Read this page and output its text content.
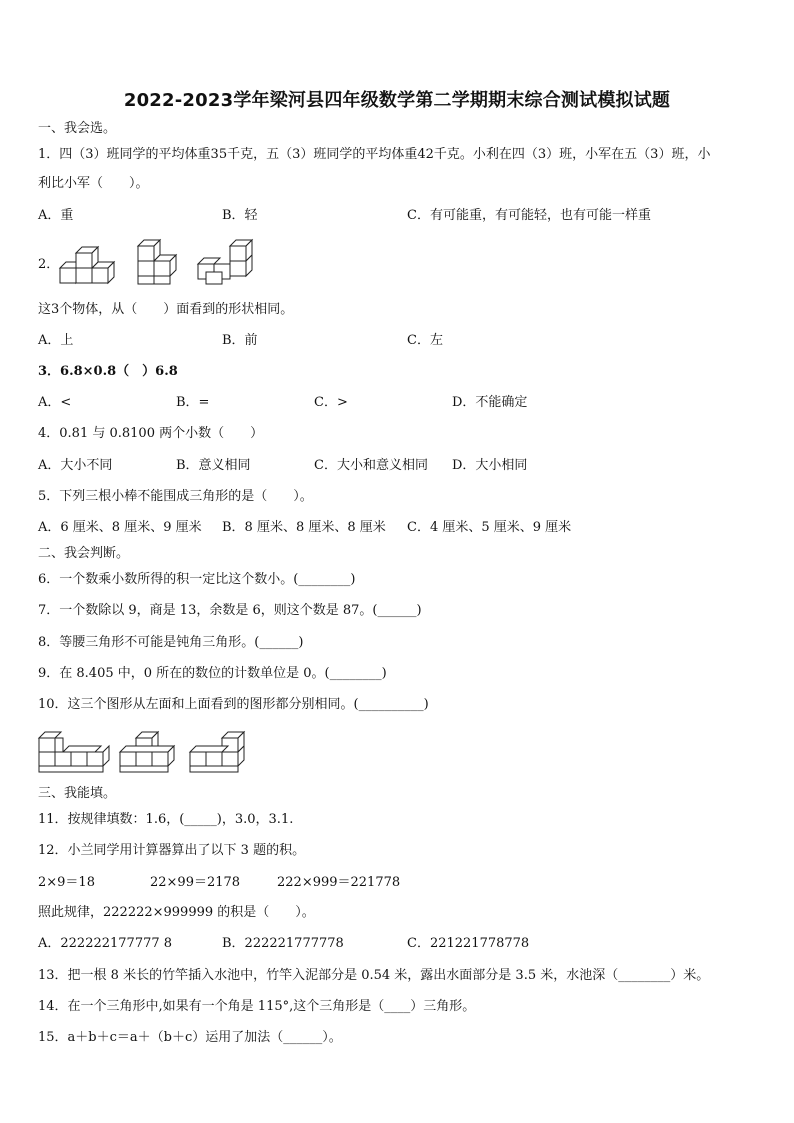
2022-2023学年梁河县四年级数学第二学期期末综合测试模拟试题
一、我会选。
1．四（3）班同学的平均体重35千克，五（3）班同学的平均体重42千克。小利在四（3）班，小军在五（3）班，小
利比小军（　　）。
A．重	B．轻	C．有可能重，有可能轻，也有可能一样重
2．
这3个物体，从（　　）面看到的形状相同。
A．上	B．前	C．左
3．6.8×0.8（　）6.8
A．<	B．=	C．>	D．不能确定
4．0.81 与 0.8100 两个小数（　　）
A．大小不同	B．意义相同	C．大小和意义相同 D．大小相同
5．下列三根小棒不能围成三角形的是（　　）。
A．6 厘米、8 厘米、9 厘米 B．8 厘米、8 厘米、8 厘米 C．4 厘米、5 厘米、9 厘米
二、我会判断。
6．一个数乘小数所得的积一定比这个数小。(________)
7．一个数除以 9，商是 13，余数是 6，则这个数是 87。(______)
8．等腰三角形不可能是钝角三角形。(______)
9．在 8.405 中，0 所在的数位的计数单位是 0。(________)
10．这三个图形从左面和上面看到的图形都分别相同。(__________)
三、我能填。
11．按规律填数：1.6，(_____)，3.0，3.1.
12．小兰同学用计算器算出了以下 3 题的积。
2×9＝18	22×99＝2178	222×999＝221778
照此规律，222222×999999 的积是（　　）。
A．222222177777 8	B．222221777778	C．221221778778
13．把一根 8 米长的竹竿插入水池中，竹竿入泥部分是 0.54 米，露出水面部分是 3.5 米，水池深（________）米。
14．在一个三角形中,如果有一个角是 115°,这个三角形是（____）三角形。
15．a＋b＋c＝a＋（b＋c）运用了加法（______）。
